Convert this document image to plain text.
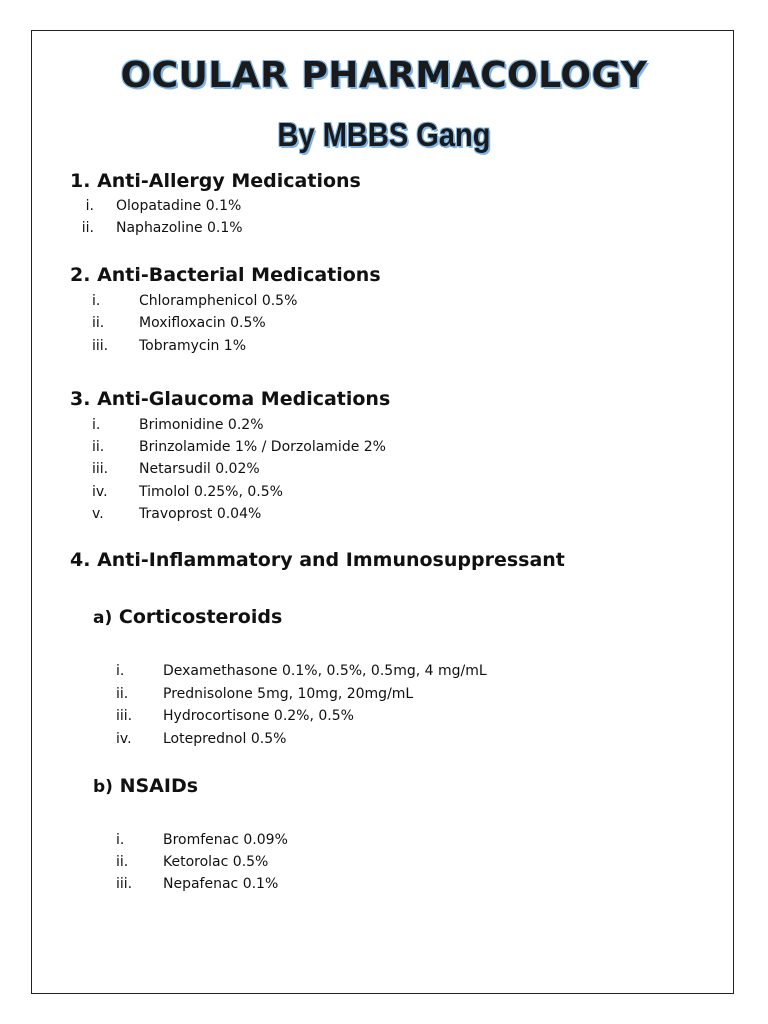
OCULAR PHARMACOLOGY
By MBBS Gang
1. Anti-Allergy Medications
i. Olopatadine 0.1%
ii. Naphazoline 0.1%
2. Anti-Bacterial Medications
i.	Chloramphenicol 0.5%
ii. Moxifloxacin 0.5%
iii. Tobramycin 1%
3. Anti-Glaucoma Medications
i.	Brimonidine 0.2%
ii. Brinzolamide 1% / Dorzolamide 2%
iii. Netarsudil 0.02%
iv. Timolol 0.25%, 0.5%
v.	Travoprost 0.04%
4. Anti-Inflammatory and Immunosuppressant
a) Corticosteroids
i.	Dexamethasone 0.1%, 0.5%, 0.5mg, 4 mg/mL
ii. Prednisolone 5mg, 10mg, 20mg/mL
iii. Hydrocortisone 0.2%, 0.5%
iv. Loteprednol 0.5%
b) NSAIDs
i.	Bromfenac 0.09%
ii. Ketorolac 0.5%
iii. Nepafenac 0.1%
